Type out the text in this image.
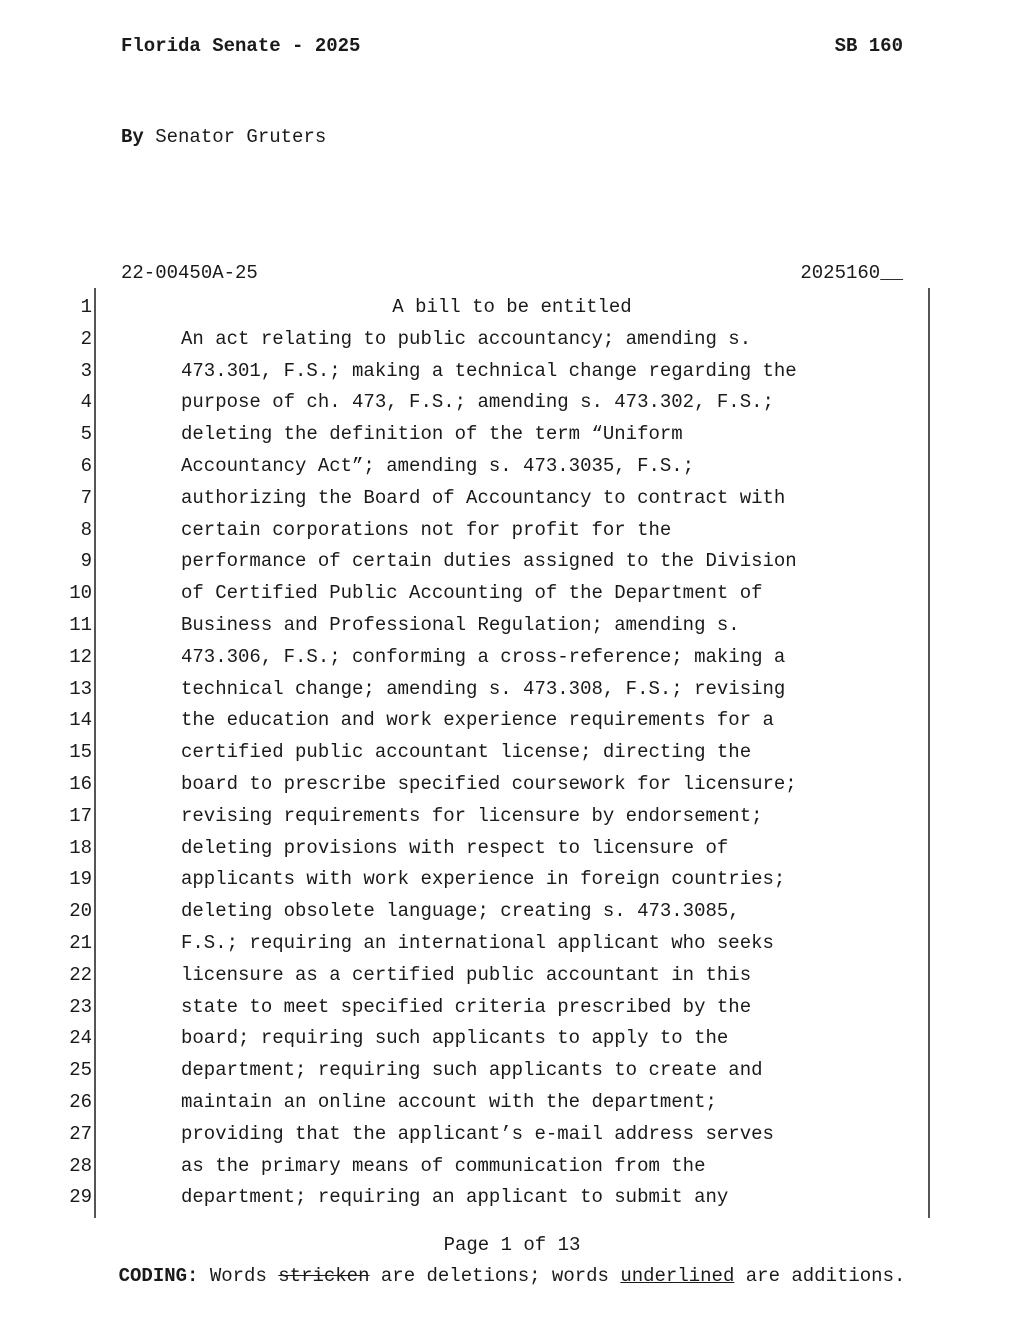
Florida Senate - 2025	SB 160
By Senator Gruters
22-00450A-25	2025160__
1	A bill to be entitled
2	An act relating to public accountancy; amending s.
3	473.301, F.S.; making a technical change regarding the
4	purpose of ch. 473, F.S.; amending s. 473.302, F.S.;
5	deleting the definition of the term “Uniform
6	Accountancy Act”; amending s. 473.3035, F.S.;
7	authorizing the Board of Accountancy to contract with
8	certain corporations not for profit for the
9	performance of certain duties assigned to the Division
10	of Certified Public Accounting of the Department of
11	Business and Professional Regulation; amending s.
12	473.306, F.S.; conforming a cross-reference; making a
13	technical change; amending s. 473.308, F.S.; revising
14	the education and work experience requirements for a
15	certified public accountant license; directing the
16	board to prescribe specified coursework for licensure;
17	revising requirements for licensure by endorsement;
18	deleting provisions with respect to licensure of
19	applicants with work experience in foreign countries;
20	deleting obsolete language; creating s. 473.3085,
21	F.S.; requiring an international applicant who seeks
22	licensure as a certified public accountant in this
23	state to meet specified criteria prescribed by the
24	board; requiring such applicants to apply to the
25	department; requiring such applicants to create and
26	maintain an online account with the department;
27	providing that the applicant’s e-mail address serves
28	as the primary means of communication from the
29	department; requiring an applicant to submit any
Page 1 of 13
CODING: Words stricken are deletions; words underlined are additions.
